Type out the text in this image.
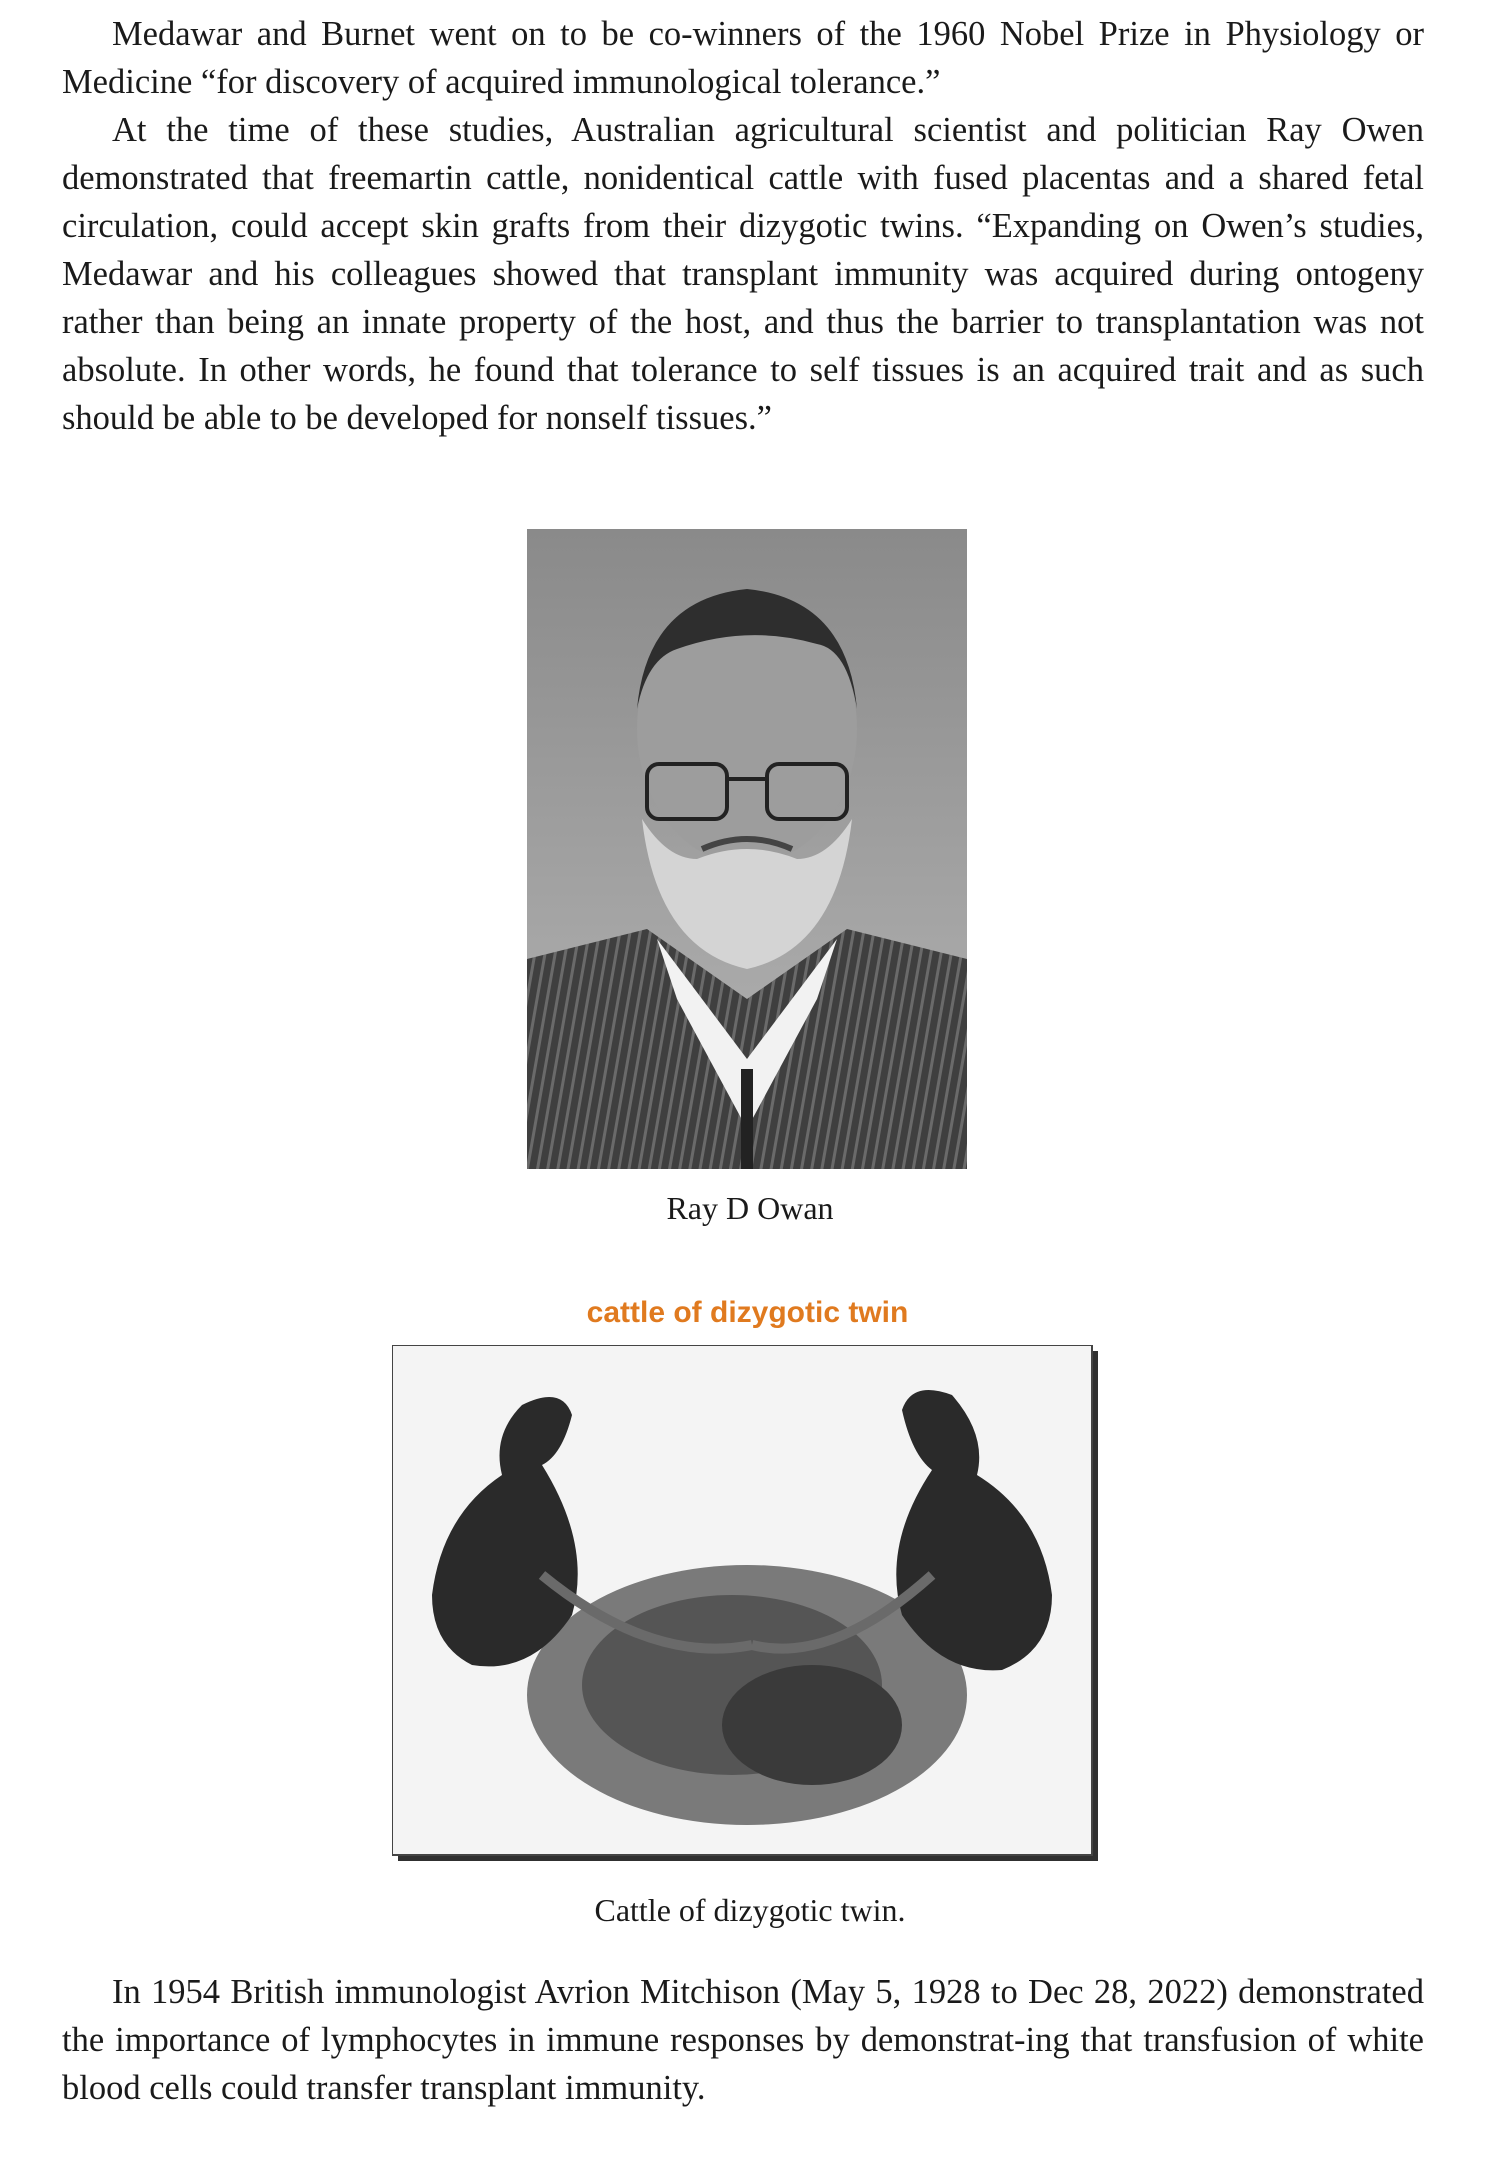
Medawar and Burnet went on to be co-winners of the 1960 Nobel Prize in Physiology or Medicine “for discovery of acquired immunological tolerance.”

At the time of these studies, Australian agricultural scientist and politician Ray Owen demonstrated that freemartin cattle, nonidentical cattle with fused placentas and a shared fetal circulation, could accept skin grafts from their dizygotic twins. “Expanding on Owen’s studies, Medawar and his colleagues showed that transplant immunity was acquired during ontogeny rather than being an innate property of the host, and thus the barrier to transplantation was not absolute. In other words, he found that tolerance to self tissues is an acquired trait and as such should be able to be developed for nonself tissues.”

Ray D Owan

cattle of dizygotic twin

Cattle of dizygotic twin.

In 1954 British immunologist Avrion Mitchison (May 5, 1928 to Dec 28, 2022) demonstrated the importance of lymphocytes in immune responses by demonstrat-ing that transfusion of white blood cells could transfer transplant immunity.
